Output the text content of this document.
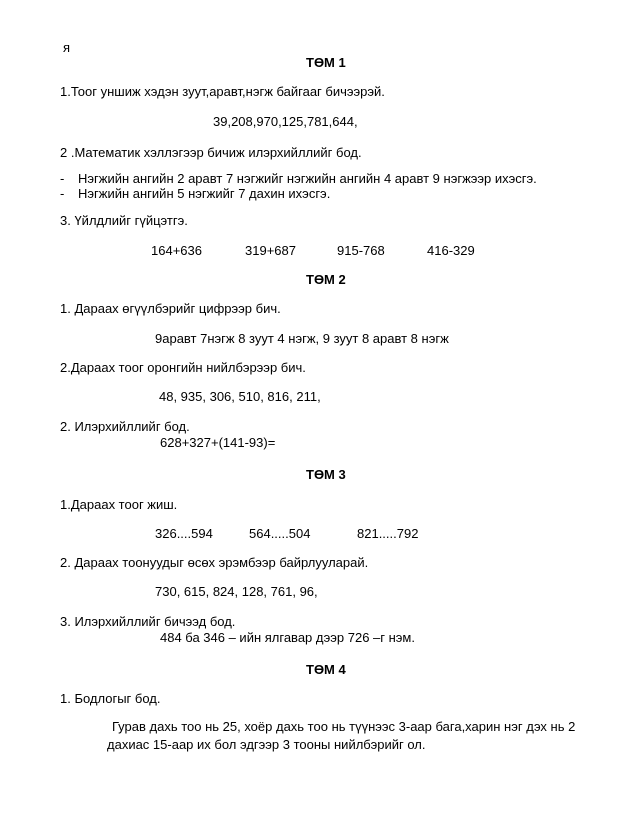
я
ТӨМ 1
1.Тоог уншиж хэдэн зуут,аравт,нэгж байгааг бичээрэй.
39,208,970,125,781,644,
2 .Математик хэллэгээр бичиж илэрхийллийг бод.
- Нэгжийн ангийн 2 аравт 7 нэгжийг нэгжийн ангийн 4 аравт 9 нэгжээр ихэсгэ.
- Нэгжийн ангийн 5 нэгжийг 7 дахин ихэсгэ.
3. Үйлдлийг гүйцэтгэ.
164+636	319+687	915-768	416-329
ТӨМ 2
1. Дараах өгүүлбэрийг цифрээр бич.
9аравт 7нэгж 8 зуут 4 нэгж, 9 зуут 8 аравт 8 нэгж
2.Дараах тоог оронгийн нийлбэрээр бич.
48, 935, 306, 510, 816, 211,
2. Илэрхийллийг бод.
628+327+(141-93)=
ТӨМ 3
1.Дараах тоог жиш.
326....594	564.....504	821.....792
2. Дараах тоонуудыг өсөх эрэмбээр байрлууларай.
730, 615, 824, 128, 761, 96,
3. Илэрхийллийг бичээд бод.
484 ба 346 – ийн ялгавар дээр 726 –г нэм.
ТӨМ 4
1. Бодлогыг бод.
Гурав дахь тоо нь 25, хоёр дахь тоо нь түүнээс 3-аар бага,харин нэг дэх нь 2
дахиас 15-аар их бол эдгээр 3 тооны нийлбэрийг ол.
